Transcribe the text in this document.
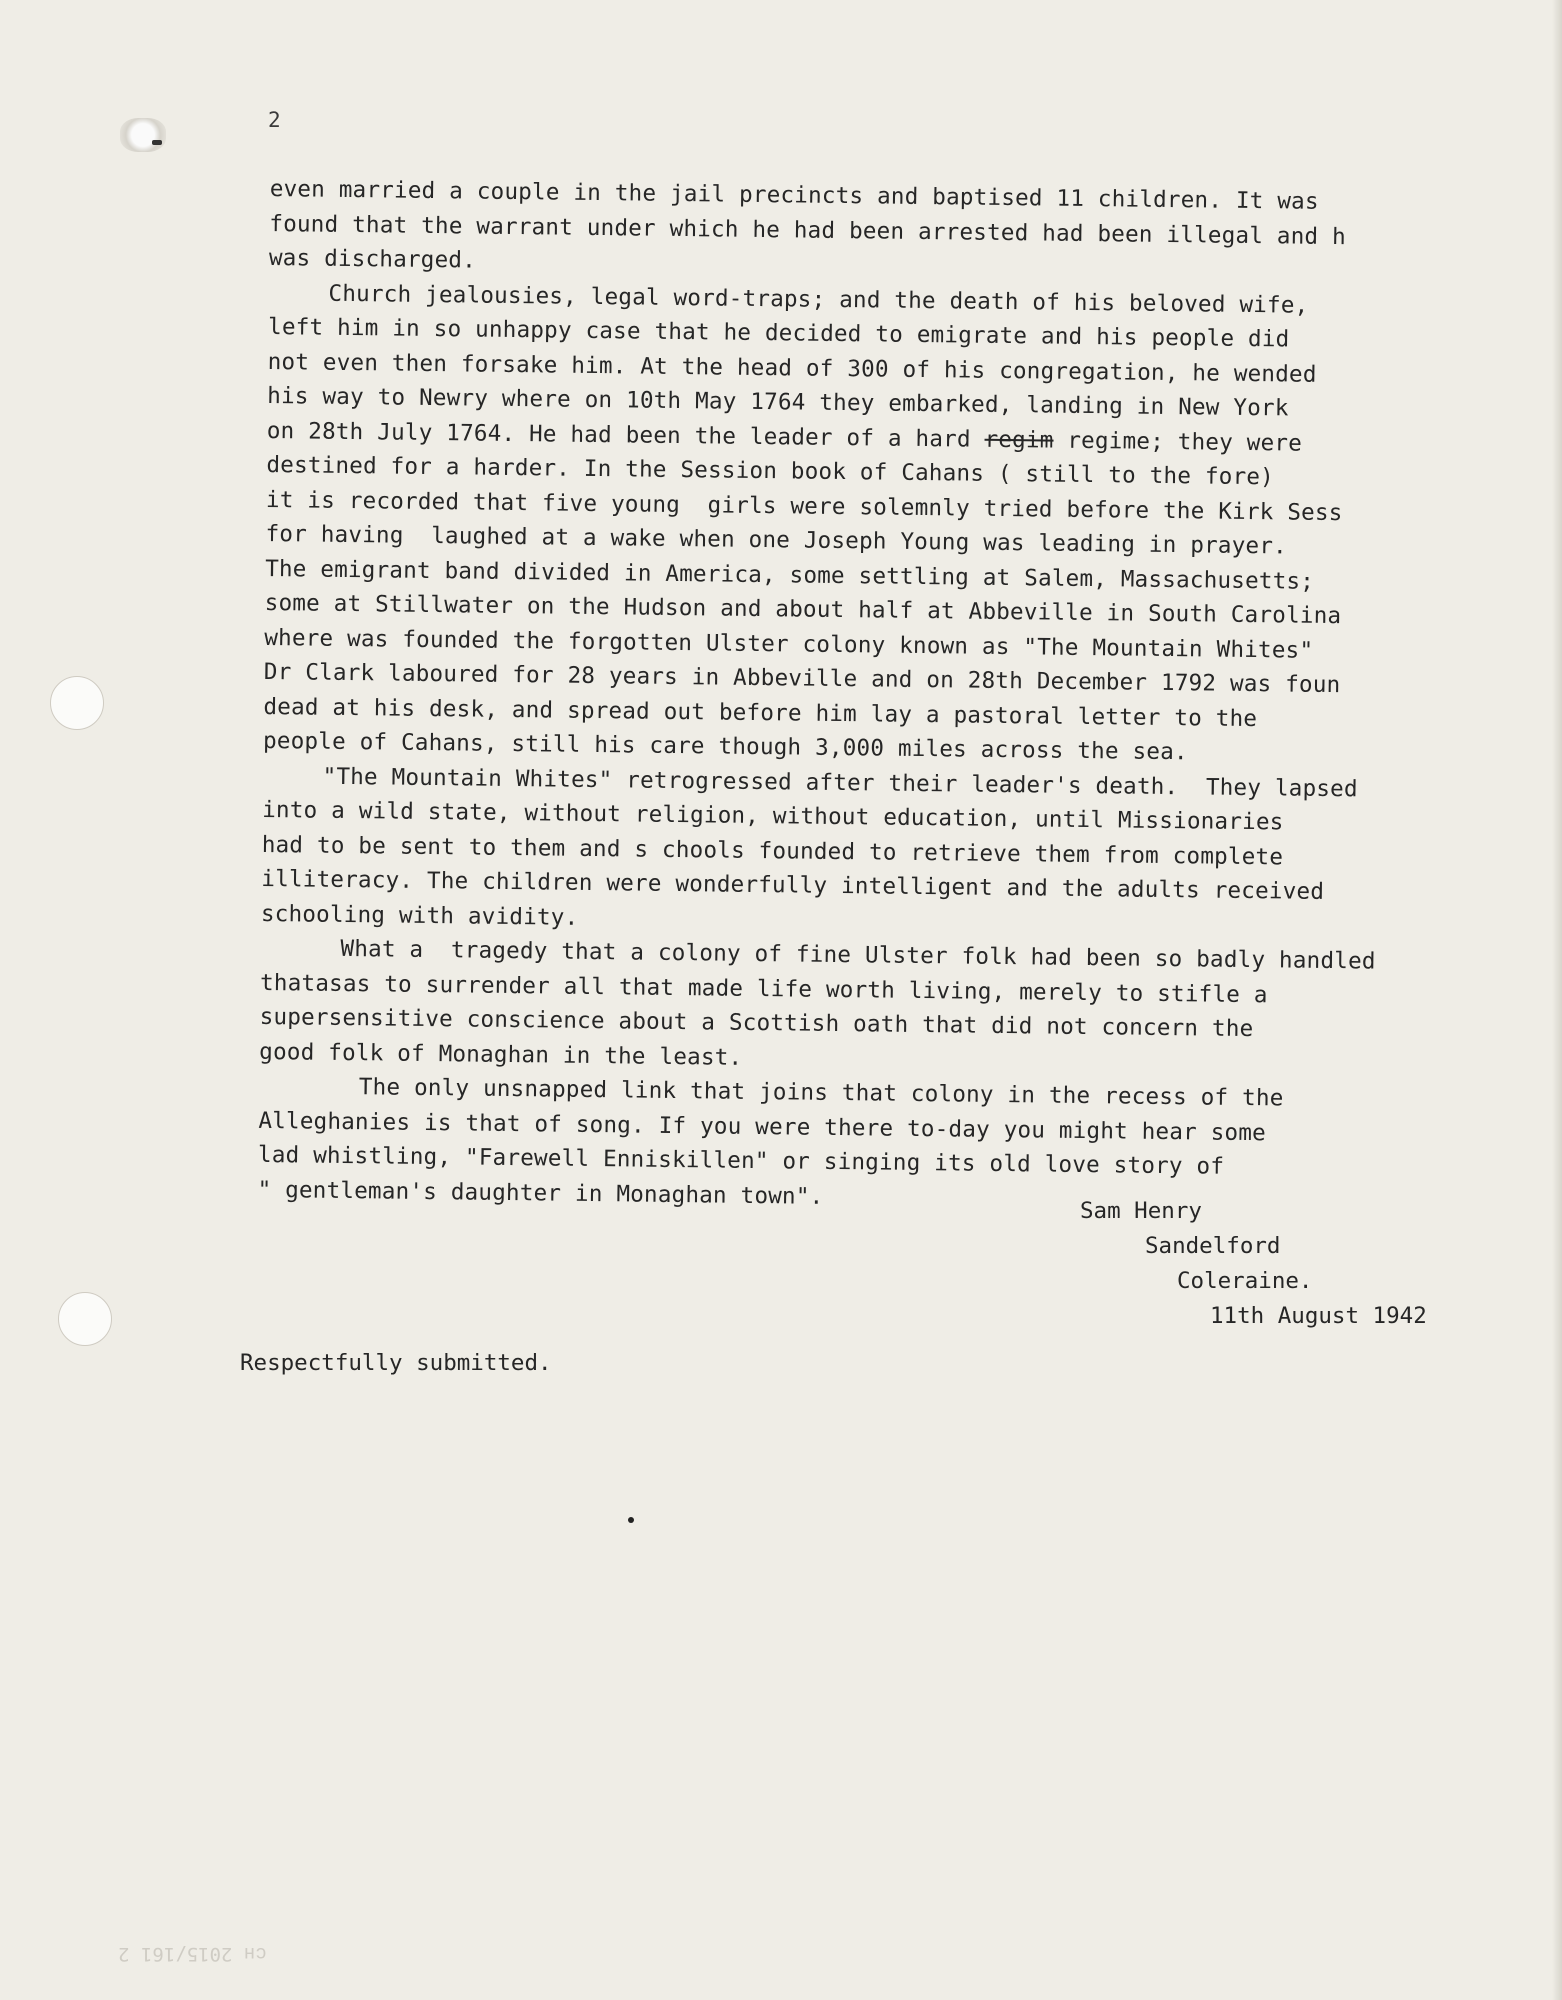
2
even married a couple in the jail precincts and baptised 11 children. It was
found that the warrant under which he had been arrested had been illegal and h
was discharged.
Church jealousies, legal word-traps; and the death of his beloved wife,
left him in so unhappy case that he decided to emigrate and his people did
not even then forsake him. At the head of 300 of his congregation, he wended
his way to Newry where on 10th May 1764 they embarked, landing in New York
on 28th July 1764. He had been the leader of a hard regim regime; they were
destined for a harder. In the Session book of Cahans ( still to the fore)
it is recorded that five young  girls were solemnly tried before the Kirk Sess
for having  laughed at a wake when one Joseph Young was leading in prayer.
The emigrant band divided in America, some settling at Salem, Massachusetts;
some at Stillwater on the Hudson and about half at Abbeville in South Carolina
where was founded the forgotten Ulster colony known as "The Mountain Whites"
Dr Clark laboured for 28 years in Abbeville and on 28th December 1792 was foun
dead at his desk, and spread out before him lay a pastoral letter to the
people of Cahans, still his care though 3,000 miles across the sea.
"The Mountain Whites" retrogressed after their leader's death.  They lapsed
into a wild state, without religion, without education, until Missionaries
had to be sent to them and s chools founded to retrieve them from complete
illiteracy. The children were wonderfully intelligent and the adults received
schooling with avidity.
What a  tragedy that a colony of fine Ulster folk had been so badly handled
thatasas to surrender all that made life worth living, merely to stifle a
supersensitive conscience about a Scottish oath that did not concern the
good folk of Monaghan in the least.
The only unsnapped link that joins that colony in the recess of the
Alleghanies is that of song. If you were there to-day you might hear some
lad whistling, "Farewell Enniskillen" or singing its old love story of
" gentleman's daughter in Monaghan town".
Sam Henry
Sandelford
Coleraine.
11th August 1942
Respectfully submitted.
ᴄн 2015/161 2
